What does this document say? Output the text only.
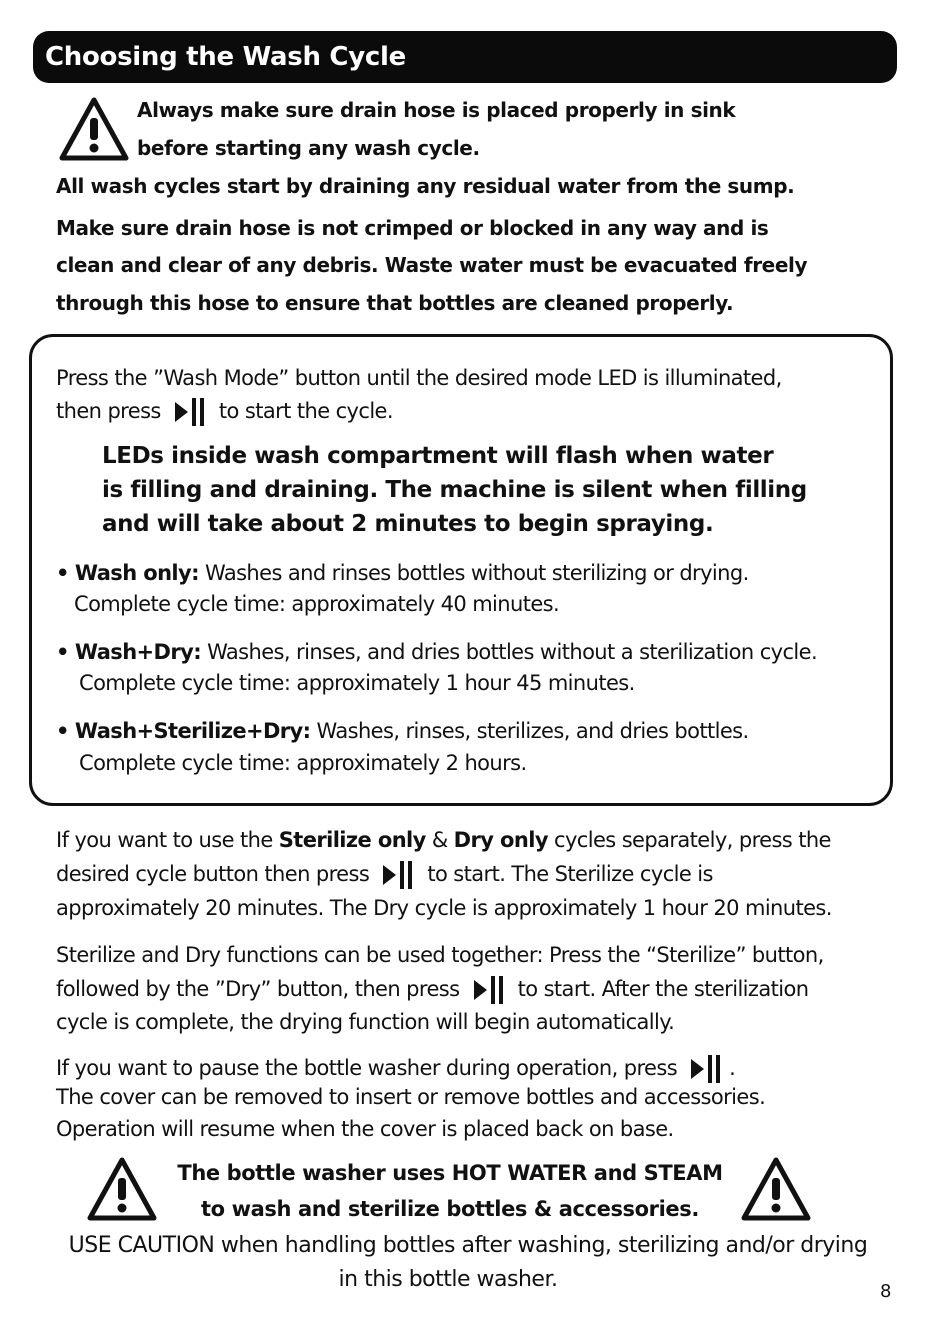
Choosing the Wash Cycle
Always make sure drain hose is placed properly in sink
before starting any wash cycle.
All wash cycles start by draining any residual water from the sump.
Make sure drain hose is not crimped or blocked in any way and is
clean and clear of any debris. Waste water must be evacuated freely
through this hose to ensure that bottles are cleaned properly.
Press the ”Wash Mode” button until the desired mode LED is illuminated,
then press	to start the cycle.
LEDs inside wash compartment will flash when water
is filling and draining. The machine is silent when filling
and will take about 2 minutes to begin spraying.
• Wash only: Washes and rinses bottles without sterilizing or drying.
Complete cycle time: approximately 40 minutes.
• Wash+Dry: Washes, rinses, and dries bottles without a sterilization cycle.
Complete cycle time: approximately 1 hour 45 minutes.
• Wash+Sterilize+Dry: Washes, rinses, sterilizes, and dries bottles.
Complete cycle time: approximately 2 hours.
If you want to use the Sterilize only & Dry only cycles separately, press the
desired cycle button then press	to start. The Sterilize cycle is
approximately 20 minutes. The Dry cycle is approximately 1 hour 20 minutes.
Sterilize and Dry functions can be used together: Press the “Sterilize” button,
followed by the ”Dry” button, then press	to start. After the sterilization
cycle is complete, the drying function will begin automatically.
If you want to pause the bottle washer during operation, press .
The cover can be removed to insert or remove bottles and accessories.
Operation will resume when the cover is placed back on base.
The bottle washer uses HOT WATER and STEAM
to wash and sterilize bottles & accessories.
USE CAUTION when handling bottles after washing, sterilizing and/or drying
in this bottle washer.	8
